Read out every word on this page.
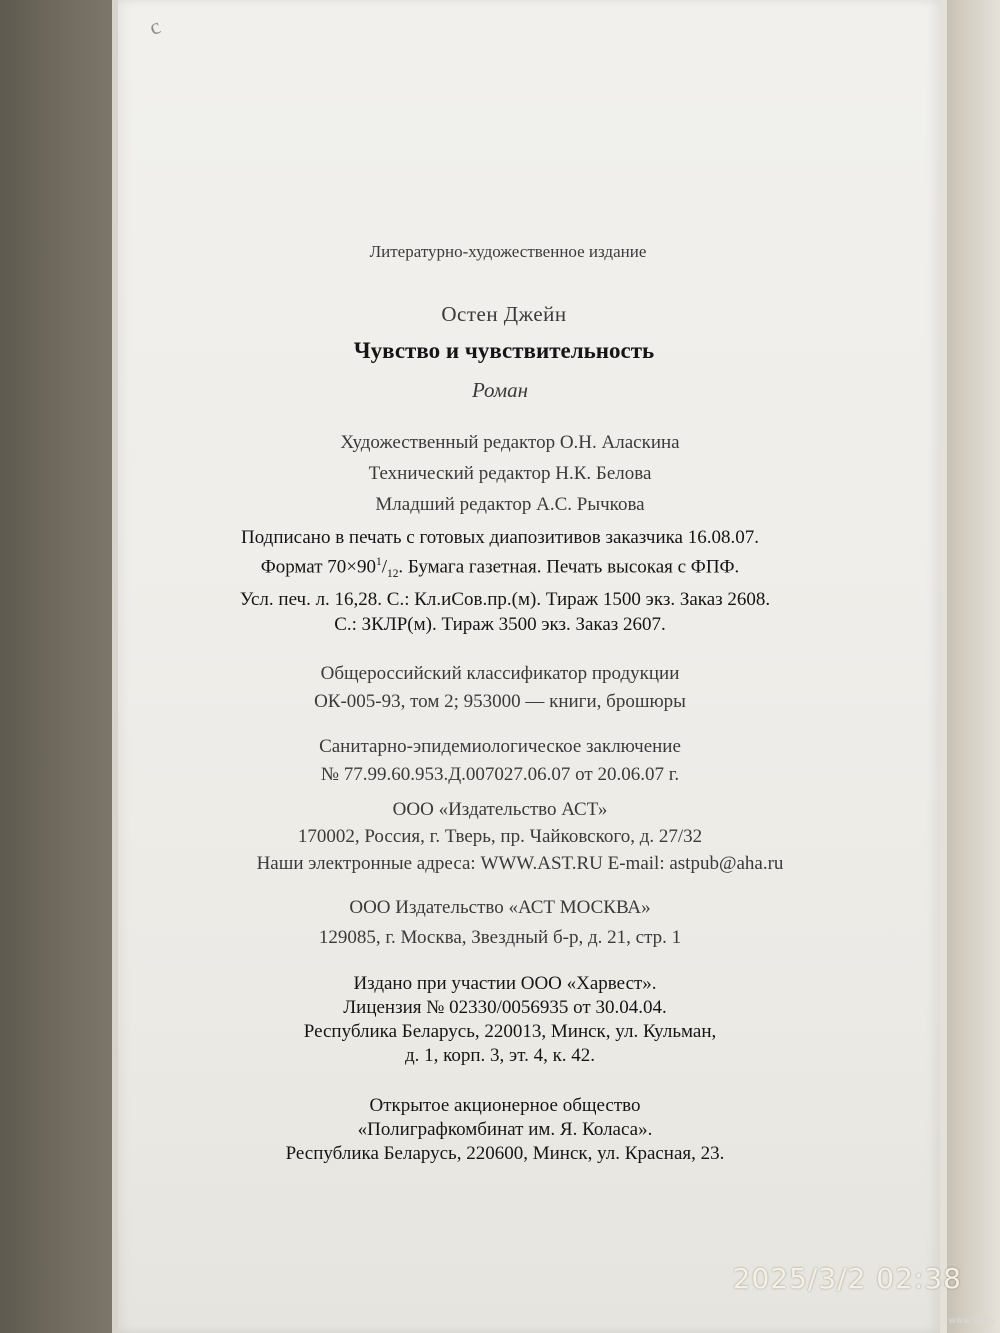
c
Литературно-художественное издание
Остен Джейн
Чувство и чувствительность
Роман
Художественный редактор О.Н. Аласкина
Технический редактор Н.К. Белова
Младший редактор А.С. Рычкова
Подписано в печать с готовых диапозитивов заказчика 16.08.07.
Формат $70\times 90^1/_{12}$. Бумага газетная. Печать высокая с ФПФ.
Усл. печ. л. 16,28. С.: Кл.иСов.пр.(м). Тираж 1500 экз. Заказ 2608.
С.: ЗКЛР(м). Тираж 3500 экз. Заказ 2607.
Общероссийский классификатор продукции
ОК-005-93, том 2; 953000 — книги, брошюры
Санитарно-эпидемиологическое заключение
№ 77.99.60.953.Д.007027.06.07 от 20.06.07 г.
ООО «Издательство АСТ»
170002, Россия, г. Тверь, пр. Чайковского, д. 27/32
Наши электронные адреса: WWW.AST.RU E-mail: astpub@aha.ru
ООО Издательство «АСТ МОСКВА»
129085, г. Москва, Звездный б-р, д. 21, стр. 1
Издано при участии ООО «Харвест».
Лицензия № 02330/0056935 от 30.04.04.
Республика Беларусь, 220013, Минск, ул. Кульман,
д. 1, корп. 3, эт. 4, к. 42.
Открытое акционерное общество
«Полиграфкомбинат им. Я. Коласа».
Республика Беларусь, 220600, Минск, ул. Красная, 23.
2025/3/2 02:38
www.ay.by
